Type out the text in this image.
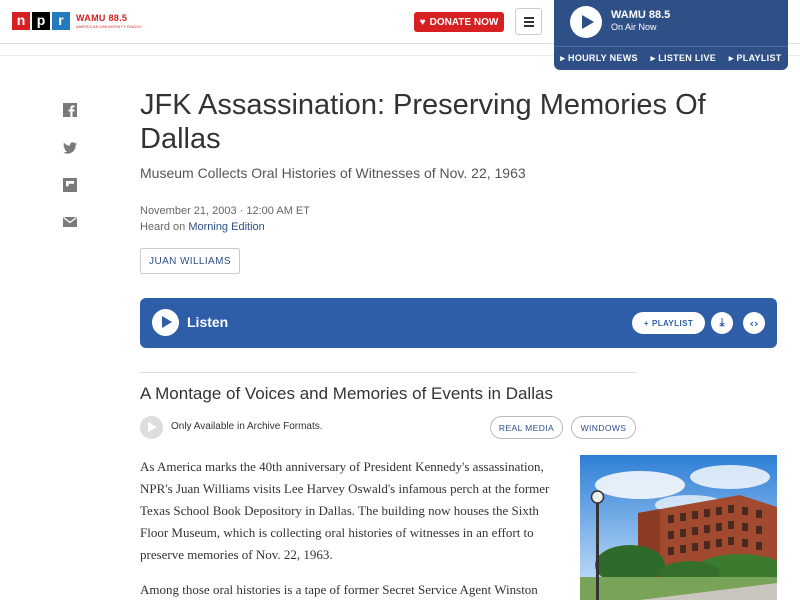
n p r	WAMU 88.5
AMERICAN UNIVERSITY RADIO	♥ DONATE NOW
WAMU 88.5
On Air Now
▸ HOURLY NEWS ▸ LISTEN LIVE ▸ PLAYLIST
JFK Assassination: Preserving Memories Of Dallas
Museum Collects Oral Histories of Witnesses of Nov. 22, 1963
November 21, 2003 · 12:00 AM ET
Heard on Morning Edition
JUAN WILLIAMS
Listen	+ PLAYLIST	⤓	‹›
A Montage of Voices and Memories of Events in Dallas
Only Available in Archive Formats.	REAL MEDIA	WINDOWS

As America marks the 40th anniversary of President Kennedy's assassination, NPR's Juan Williams visits Lee Harvey Oswald's infamous perch at the former Texas School Book Depository in Dallas. The building now houses the Sixth Floor Museum, which is collecting oral histories of witnesses in an effort to preserve memories of Nov. 22, 1963.

Among those oral histories is a tape of former Secret Service Agent Winston
